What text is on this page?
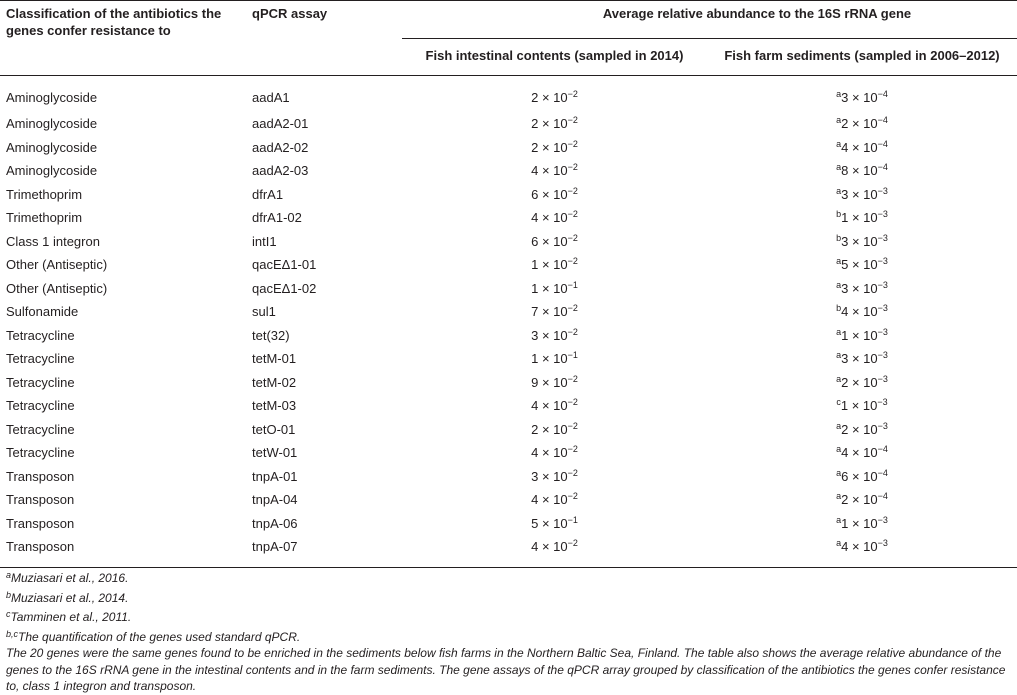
Classification of the antibiotics the genes confer resistance to	qPCR assay	Average relative abundance to the 16S rRNA gene	
		Fish intestinal contents (sampled in 2014)	Fish farm sediments (sampled in 2006–2012)
Aminoglycoside	aadA1	$2 \times 10^{-2}$	$^a3 \times 10^{-4}$
Aminoglycoside	aadA2-01	$2 \times 10^{-2}$	$^a2 \times 10^{-4}$
Aminoglycoside	aadA2-02	$2 \times 10^{-2}$	$^a4 \times 10^{-4}$
Aminoglycoside	aadA2-03	$4 \times 10^{-2}$	$^a8 \times 10^{-4}$
Trimethoprim	dfrA1	$6 \times 10^{-2}$	$^a3 \times 10^{-3}$
Trimethoprim	dfrA1-02	$4 \times 10^{-2}$	$^b1 \times 10^{-3}$
Class 1 integron	intI1	$6 \times 10^{-2}$	$^b3 \times 10^{-3}$
Other (Antiseptic)	qacEΔ1-01	$1 \times 10^{-2}$	$^a5 \times 10^{-3}$
Other (Antiseptic)	qacEΔ1-02	$1 \times 10^{-1}$	$^a3 \times 10^{-3}$
Sulfonamide	sul1	$7 \times 10^{-2}$	$^b4 \times 10^{-3}$
Tetracycline	tet(32)	$3 \times 10^{-2}$	$^a1 \times 10^{-3}$
Tetracycline	tetM-01	$1 \times 10^{-1}$	$^a3 \times 10^{-3}$
Tetracycline	tetM-02	$9 \times 10^{-2}$	$^a2 \times 10^{-3}$
Tetracycline	tetM-03	$4 \times 10^{-2}$	$^c1 \times 10^{-3}$
Tetracycline	tetO-01	$2 \times 10^{-2}$	$^a2 \times 10^{-3}$
Tetracycline	tetW-01	$4 \times 10^{-2}$	$^a4 \times 10^{-4}$
Transposon	tnpA-01	$3 \times 10^{-2}$	$^a6 \times 10^{-4}$
Transposon	tnpA-04	$4 \times 10^{-2}$	$^a2 \times 10^{-4}$
Transposon	tnpA-06	$5 \times 10^{-1}$	$^a1 \times 10^{-3}$
Transposon	tnpA-07	$4 \times 10^{-2}$	$^a4 \times 10^{-3}$

$^a$Muziasari et al., 2016.

$^b$Muziasari et al., 2014.

$^c$Tamminen et al., 2011.

$^{b,c}$The quantification of the genes used standard qPCR.

The 20 genes were the same genes found to be enriched in the sediments below fish farms in the Northern Baltic Sea, Finland. The table also shows the average relative abundance of the genes to the 16S rRNA gene in the intestinal contents and in the farm sediments. The gene assays of the qPCR array grouped by classification of the antibiotics the genes confer resistance to, class 1 integron and transposon.
